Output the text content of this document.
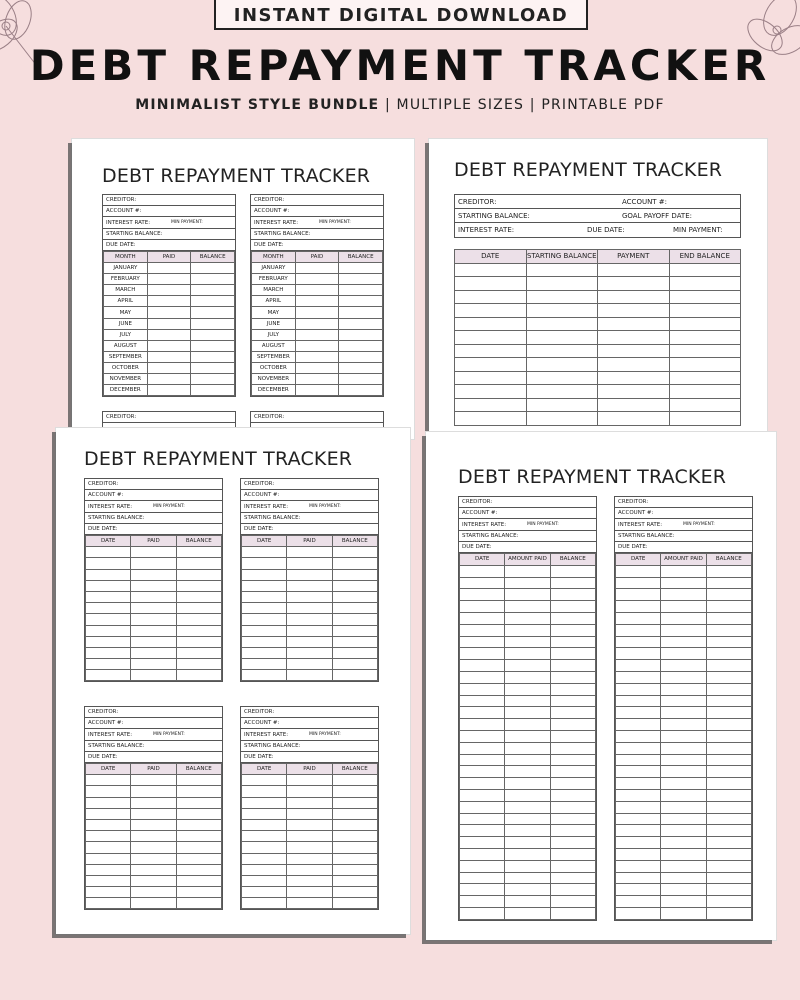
INSTANT DIGITAL DOWNLOAD
DEBT REPAYMENT TRACKER
MINIMALIST STYLE BUNDLE | MULTIPLE SIZES | PRINTABLE PDF
DEBT REPAYMENT TRACKER
CREDITOR:
ACCOUNT #:
INTEREST RATE:	MIN PAYMENT:
STARTING BALANCE:
DUE DATE:
MONTH	PAID	BALANCE
JANUARY		
FEBRUARY		
MARCH		
APRIL		
MAY		
JUNE		
JULY		
AUGUST		
SEPTEMBER		
OCTOBER		
NOVEMBER		
DECEMBER		
CREDITOR:
ACCOUNT #:
INTEREST RATE:	MIN PAYMENT:
STARTING BALANCE:
DUE DATE:
MONTH	PAID	BALANCE
JANUARY		
FEBRUARY		
MARCH		
APRIL		
MAY		
JUNE		
JULY		
AUGUST		
SEPTEMBER		
OCTOBER		
NOVEMBER		
DECEMBER		
CREDITOR:	CREDITOR:
DEBT REPAYMENT TRACKER
CREDITOR:	ACCOUNT #:
STARTING BALANCE:	GOAL PAYOFF DATE:
INTEREST RATE:	DUE DATE:	MIN PAYMENT:
DATE	STARTING BALANCE	PAYMENT	END BALANCE

DEBT REPAYMENT TRACKER
CREDITOR:
ACCOUNT #:
INTEREST RATE:	MIN PAYMENT:
STARTING BALANCE:
DUE DATE:
DATE	PAID	BALANCE

CREDITOR:
ACCOUNT #:
INTEREST RATE:	MIN PAYMENT:
STARTING BALANCE:
DUE DATE:
DATE	PAID	BALANCE

CREDITOR:
ACCOUNT #:
INTEREST RATE:	MIN PAYMENT:
STARTING BALANCE:
DUE DATE:
DATE	PAID	BALANCE

CREDITOR:
ACCOUNT #:
INTEREST RATE:	MIN PAYMENT:
STARTING BALANCE:
DUE DATE:
DATE	PAID	BALANCE

DEBT REPAYMENT TRACKER
CREDITOR:
ACCOUNT #:
INTEREST RATE:	MIN PAYMENT:
STARTING BALANCE:
DUE DATE:
DATE	AMOUNT PAID	BALANCE

CREDITOR:
ACCOUNT #:
INTEREST RATE:	MIN PAYMENT:
STARTING BALANCE:
DUE DATE:
DATE	AMOUNT PAID	BALANCE
